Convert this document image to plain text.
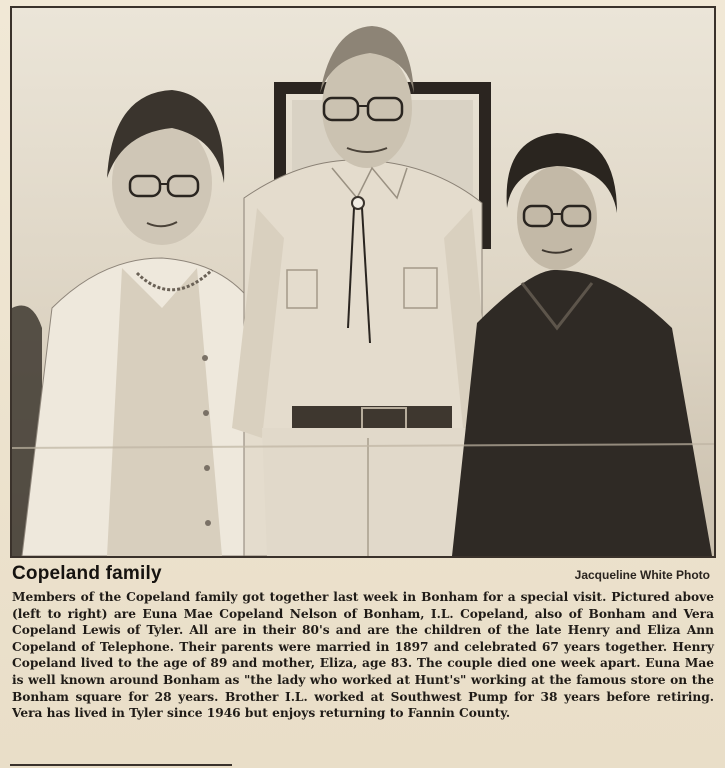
Copeland family	Jacqueline White Photo

Members of the Copeland family got together last week in Bonham for a special visit. Pictured above (left to right) are Euna Mae Copeland Nelson of Bonham, I.L. Copeland, also of Bonham and Vera Copeland Lewis of Tyler. All are in their 80's and are the children of the late Henry and Eliza Ann Copeland of Telephone. Their parents were married in 1897 and celebrated 67 years together. Henry Copeland lived to the age of 89 and mother, Eliza, age 83. The couple died one week apart. Euna Mae is well known around Bonham as "the lady who worked at Hunt's" working at the famous store on the Bonham square for 28 years. Brother I.L. worked at Southwest Pump for 38 years before retiring. Vera has lived in Tyler since 1946 but enjoys returning to Fannin County.
